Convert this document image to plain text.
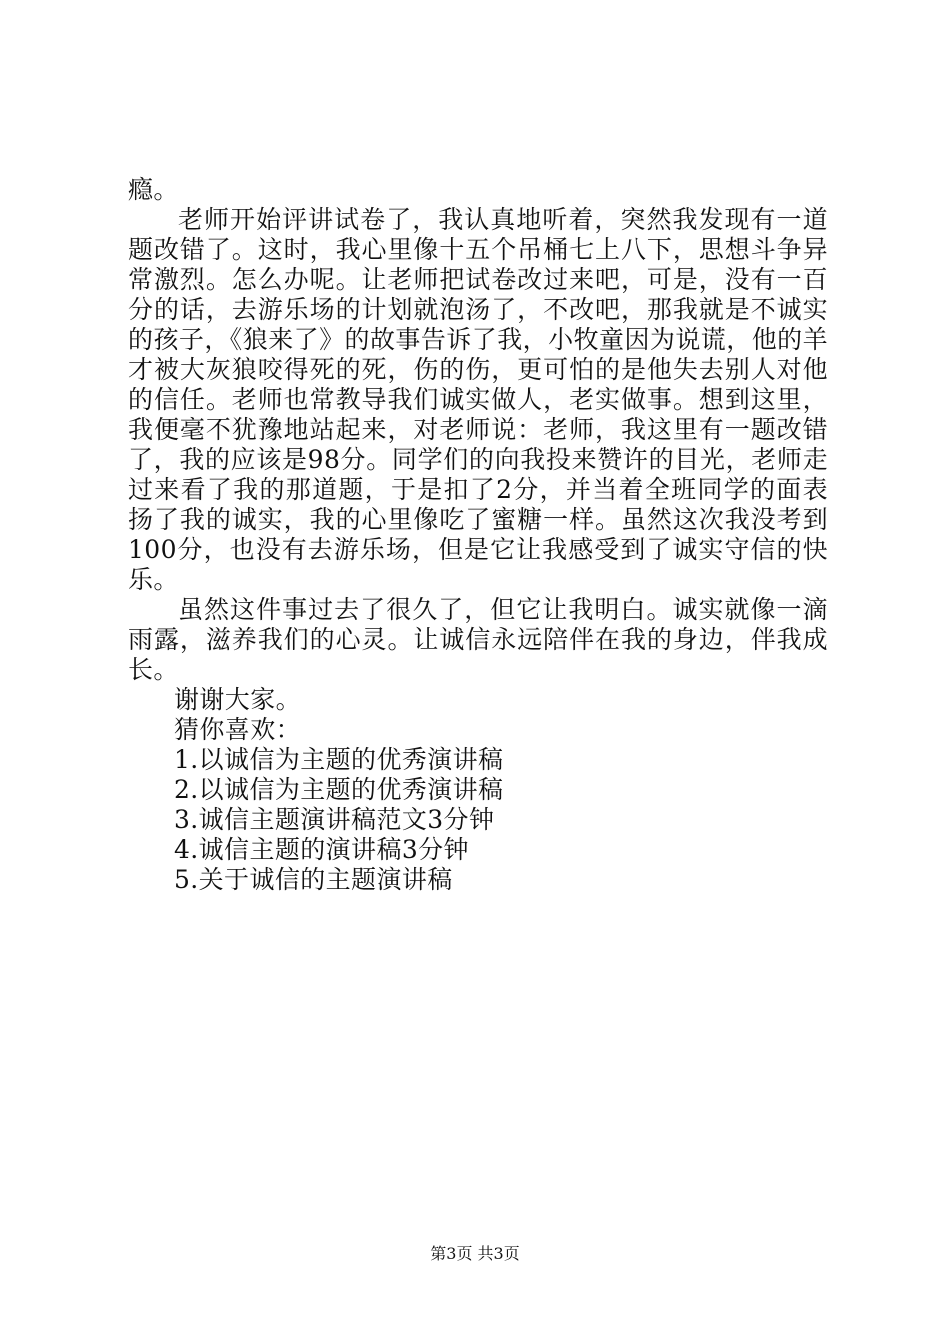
瘾。

老师开始评讲试卷了，我认真地听着，突然我发现有一道题改错了。这时，我心里像十五个吊桶七上八下，思想斗争异常激烈。怎么办呢。让老师把试卷改过来吧，可是，没有一百分的话，去游乐场的计划就泡汤了，不改吧，那我就是不诚实的孩子，《狼来了》的故事告诉了我，小牧童因为说谎，他的羊才被大灰狼咬得死的死，伤的伤，更可怕的是他失去别人对他的信任。老师也常教导我们诚实做人，老实做事。想到这里，我便毫不犹豫地站起来，对老师说：老师，我这里有一题改错了，我的应该是98分。同学们的向我投来赞许的目光，老师走过来看了我的那道题，于是扣了2分，并当着全班同学的面表扬了我的诚实，我的心里像吃了蜜糖一样。虽然这次我没考到100分，也没有去游乐场，但是它让我感受到了诚实守信的快乐。

虽然这件事过去了很久了，但它让我明白。诚实就像一滴雨露，滋养我们的心灵。让诚信永远陪伴在我的身边，伴我成长。

谢谢大家。

猜你喜欢：

1.以诚信为主题的优秀演讲稿

2.以诚信为主题的优秀演讲稿

3.诚信主题演讲稿范文3分钟

4.诚信主题的演讲稿3分钟

5.关于诚信的主题演讲稿

第3页 共3页
